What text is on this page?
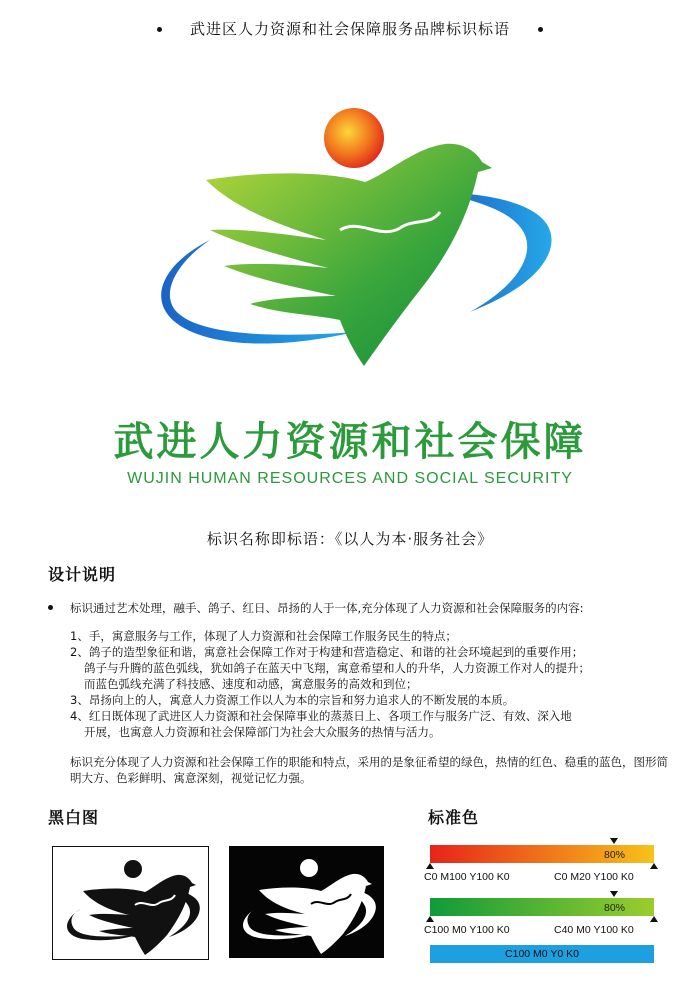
武进区人力资源和社会保障服务品牌标识标语
武进人力资源和社会保障
WUJIN HUMAN RESOURCES AND SOCIAL SECURITY
标识名称即标语：《以人为本·服务社会》
设计说明
标识通过艺术处理，融手、鸽子、红日、昂扬的人于一体,充分体现了人力资源和社会保障服务的内容:
1、手，寓意服务与工作，体现了人力资源和社会保障工作服务民生的特点；
2、鸽子的造型象征和谐，寓意社会保障工作对于构建和营造稳定、和谐的社会环境起到的重要作用；
鸽子与升腾的蓝色弧线，犹如鸽子在蓝天中飞翔，寓意希望和人的升华，人力资源工作对人的提升；
而蓝色弧线充满了科技感、速度和动感，寓意服务的高效和到位；
3、昂扬向上的人，寓意人力资源工作以人为本的宗旨和努力追求人的不断发展的本质。
4、红日既体现了武进区人力资源和社会保障事业的蒸蒸日上、各项工作与服务广泛、有效、深入地
开展，也寓意人力资源和社会保障部门为社会大众服务的热情与活力。
标识充分体现了人力资源和社会保障工作的职能和特点，采用的是象征希望的绿色，热情的红色、稳重的蓝色，图形简明大方、色彩鲜明、寓意深刻，视觉记忆力强。
黑白图	标准色
80%
C0 M100 Y100 K0	C0 M20 Y100 K0
80%
C100 M0 Y100 K0	C40 M0 Y100 K0
C100 M0 Y0 K0
